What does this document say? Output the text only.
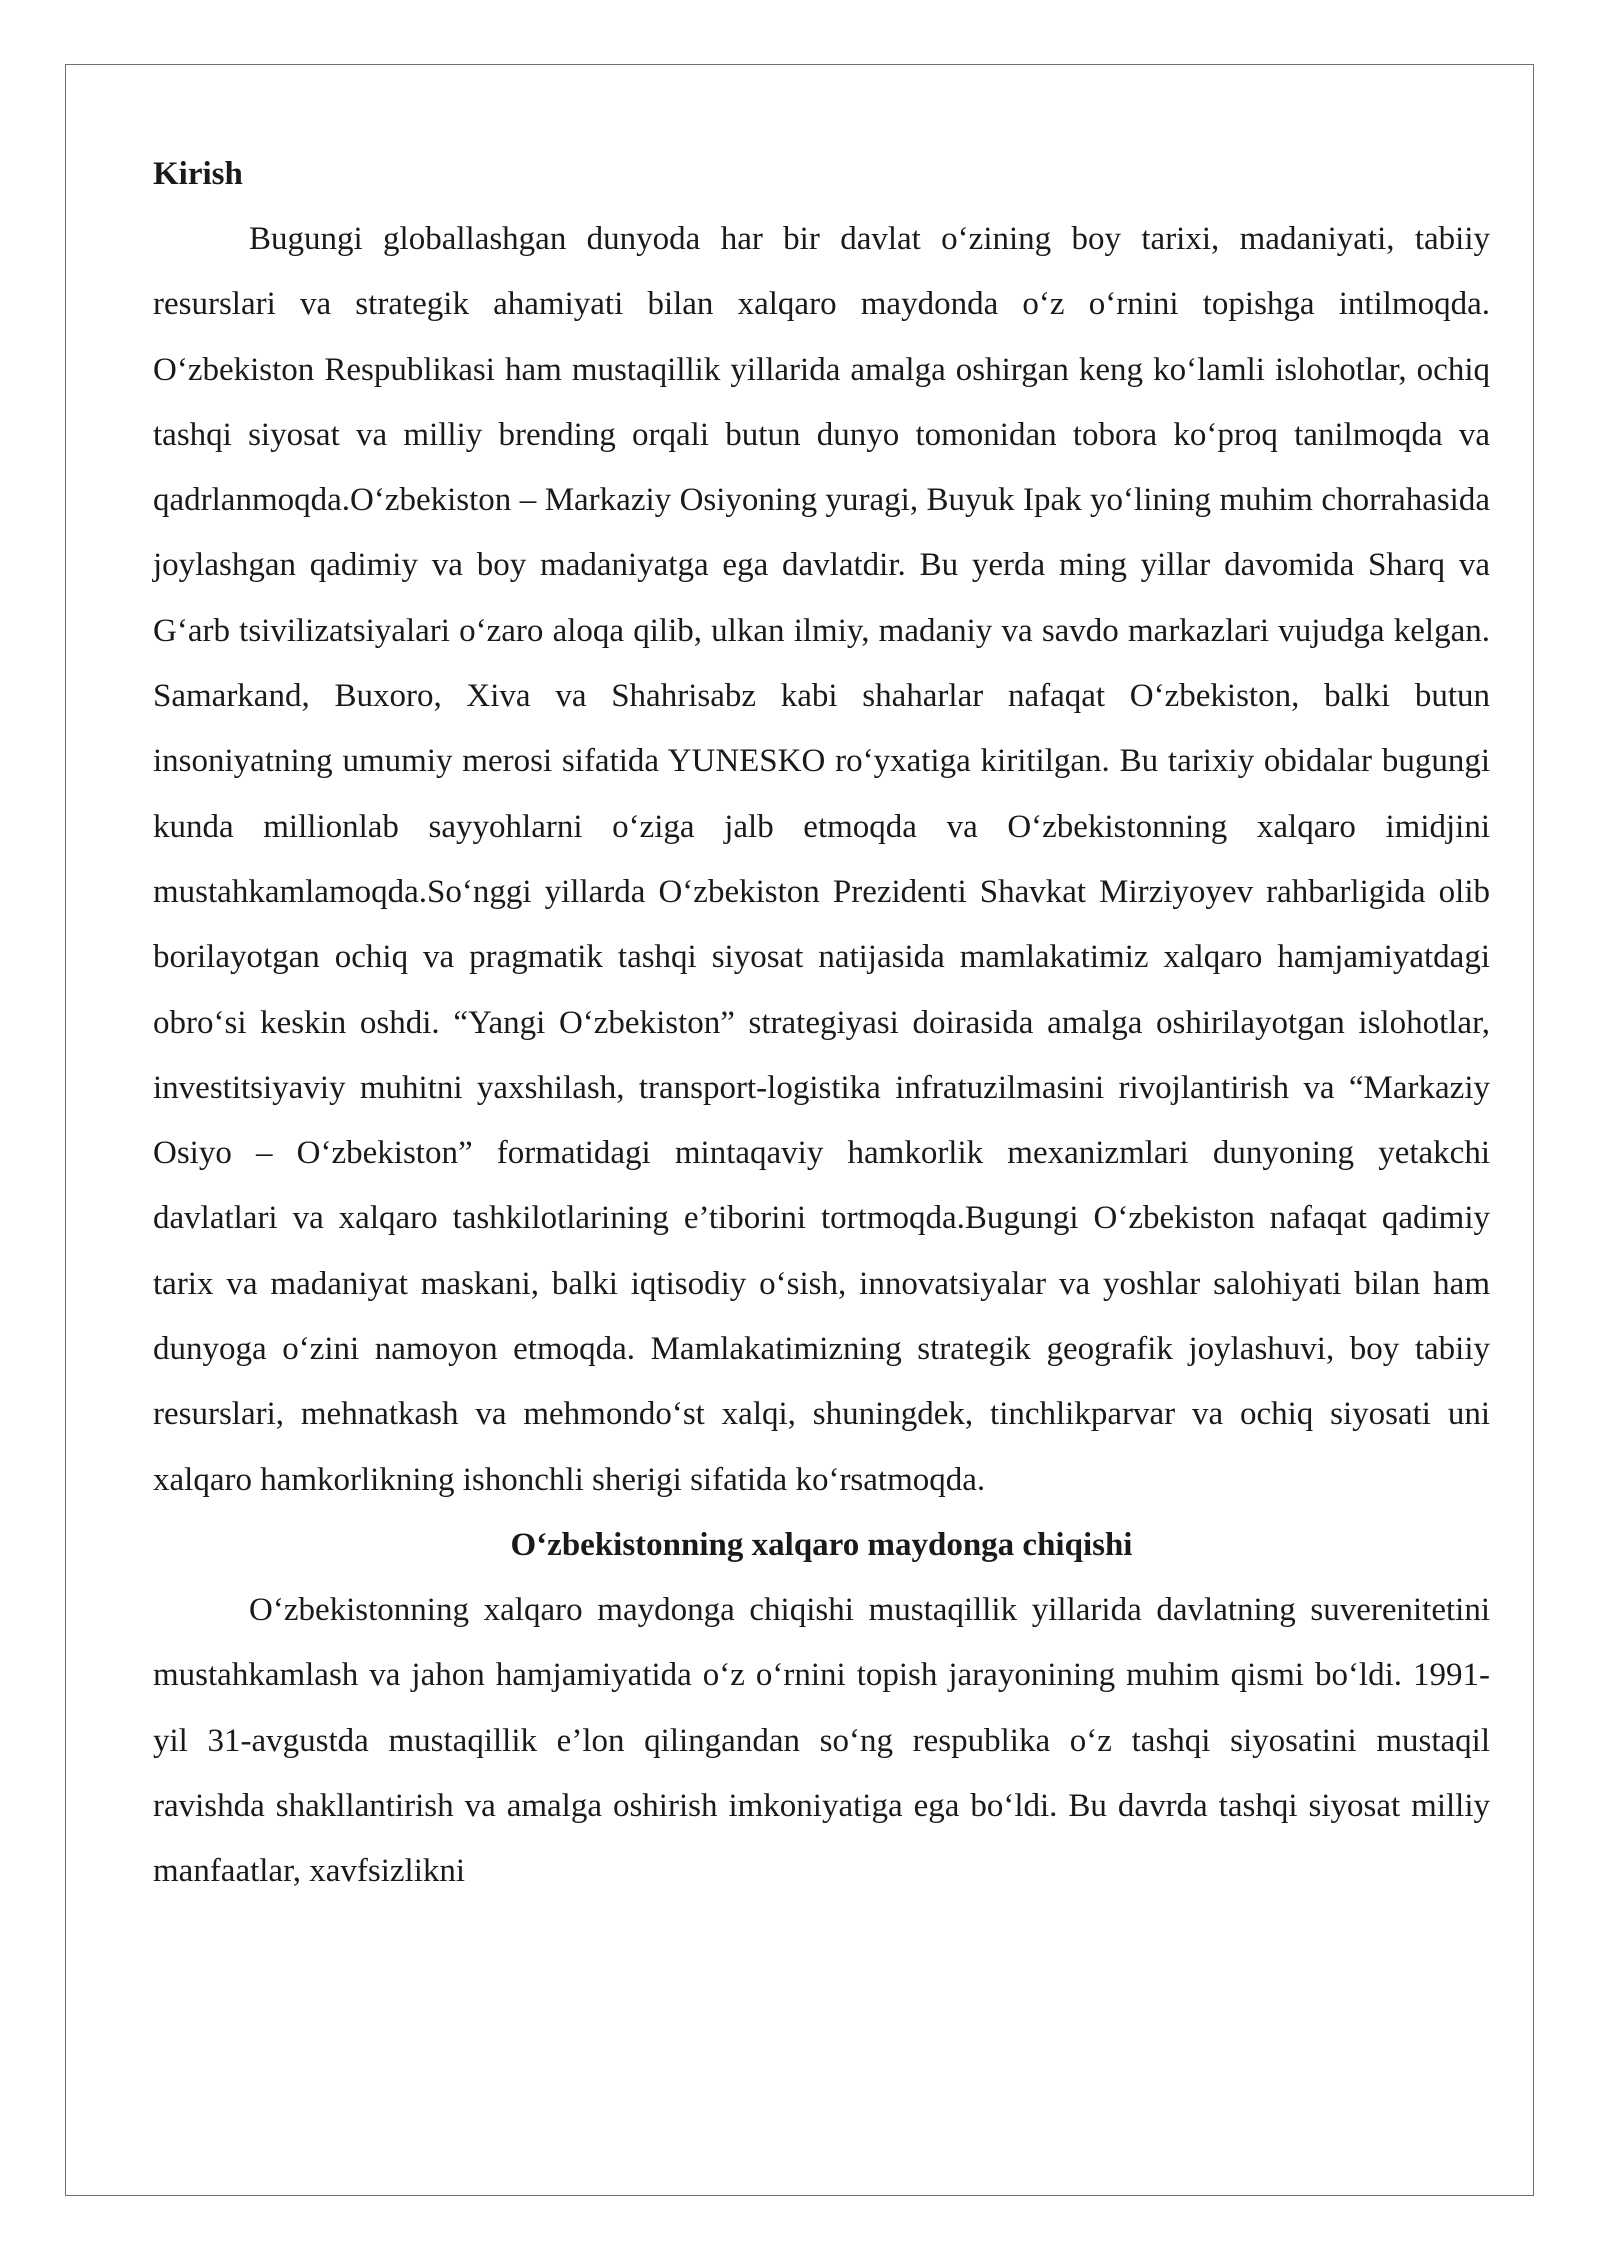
Kirish

Bugungi globallashgan dunyoda har bir davlat o‘zining boy tarixi, madaniyati, tabiiy resurslari va strategik ahamiyati bilan xalqaro maydonda o‘z o‘rnini topishga intilmoqda. O‘zbekiston Respublikasi ham mustaqillik yillarida amalga oshirgan keng ko‘lamli islohotlar, ochiq tashqi siyosat va milliy brending orqali butun dunyo tomonidan tobora ko‘proq tanilmoqda va qadrlanmoqda.O‘zbekiston – Markaziy Osiyoning yuragi, Buyuk Ipak yo‘lining muhim chorrahasida joylashgan qadimiy va boy madaniyatga ega davlatdir. Bu yerda ming yillar davomida Sharq va G‘arb tsivilizatsiyalari o‘zaro aloqa qilib, ulkan ilmiy, madaniy va savdo markazlari vujudga kelgan. Samarkand, Buxoro, Xiva va Shahrisabz kabi shaharlar nafaqat O‘zbekiston, balki butun insoniyatning umumiy merosi sifatida YUNESKO ro‘yxatiga kiritilgan. Bu tarixiy obidalar bugungi kunda millionlab sayyohlarni o‘ziga jalb etmoqda va O‘zbekistonning xalqaro imidjini mustahkamlamoqda.So‘nggi yillarda O‘zbekiston Prezidenti Shavkat Mirziyoyev rahbarligida olib borilayotgan ochiq va pragmatik tashqi siyosat natijasida mamlakatimiz xalqaro hamjamiyatdagi obro‘si keskin oshdi. “Yangi O‘zbekiston” strategiyasi doirasida amalga oshirilayotgan islohotlar, investitsiyaviy muhitni yaxshilash, transport-logistika infratuzilmasini rivojlantirish va “Markaziy Osiyo – O‘zbekiston” formatidagi mintaqaviy hamkorlik mexanizmlari dunyoning yetakchi davlatlari va xalqaro tashkilotlarining e’tiborini tortmoqda.Bugungi O‘zbekiston nafaqat qadimiy tarix va madaniyat maskani, balki iqtisodiy o‘sish, innovatsiyalar va yoshlar salohiyati bilan ham dunyoga o‘zini namoyon etmoqda. Mamlakatimizning strategik geografik joylashuvi, boy tabiiy resurslari, mehnatkash va mehmondo‘st xalqi, shuningdek, tinchlikparvar va ochiq siyosati uni xalqaro hamkorlikning ishonchli sherigi sifatida ko‘rsatmoqda.

O‘zbekistonning xalqaro maydonga chiqishi

O‘zbekistonning xalqaro maydonga chiqishi mustaqillik yillarida davlatning suverenitetini mustahkamlash va jahon hamjamiyatida o‘z o‘rnini topish jarayonining muhim qismi bo‘ldi. 1991-yil 31-avgustda mustaqillik e’lon qilingandan so‘ng respublika o‘z tashqi siyosatini mustaqil ravishda shakllantirish va amalga oshirish imkoniyatiga ega bo‘ldi. Bu davrda tashqi siyosat milliy manfaatlar, xavfsizlikni
